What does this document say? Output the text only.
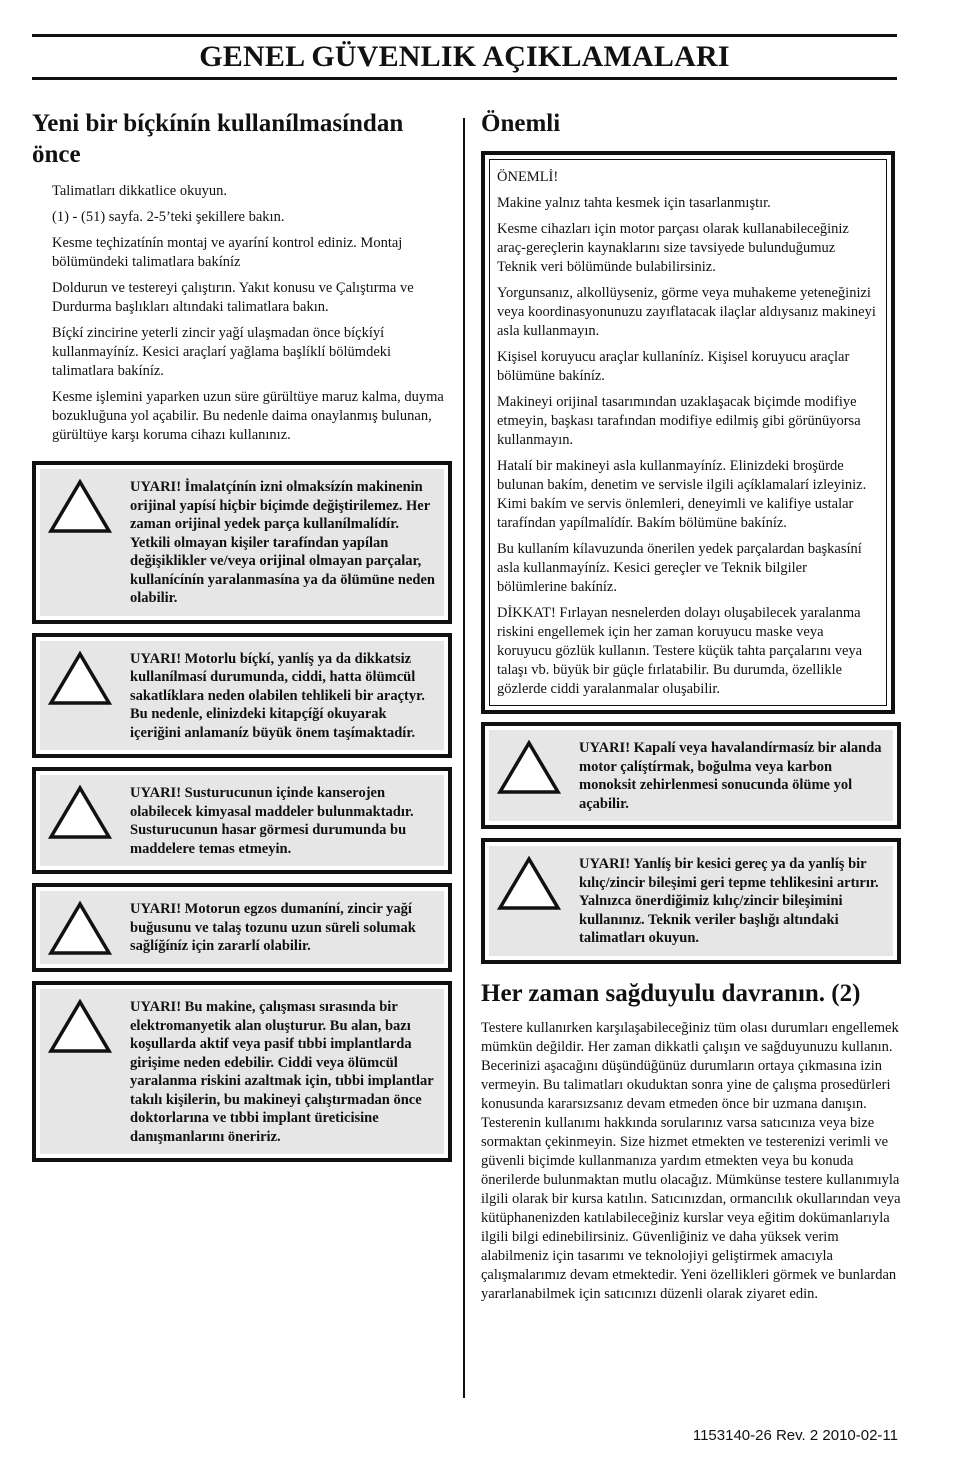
GENEL GÜVENLIK AÇIKLAMALARI
Yeni bir bíçkínín kullanílmasíndan önce

Talimatları dikkatlice okuyun.

(1) - (51) sayfa. 2-5’teki şekillere bakın.

Kesme teçhizatínín montaj ve ayaríní kontrol ediniz. Montaj bölümündeki talimatlara bakíníz

Doldurun ve testereyi çalıştırın. Yakıt konusu ve Çalıştırma ve Durdurma başlıkları altındaki talimatlara bakın.

Bíçkí zincirine yeterli zincir yağí ulaşmadan önce bíçkíyí kullanmayíníz. Kesici araçlarí yağlama başlíklí bölümdeki talimatlara bakíníz.

Kesme işlemini yaparken uzun süre gürültüye maruz kalma, duyma bozukluğuna yol açabilir. Bu nedenle daima onaylanmış bulunan, gürültüye karşı koruma cihazı kullanınız.

UYARI! İmalatçínín izni olmaksízín makinenin orijinal yapísí hiçbir biçimde değiştirilemez. Her zaman orijinal yedek parça kullanílmalídír. Yetkili olmayan kişiler tarafíndan yapílan değişiklikler ve/veya orijinal olmayan parçalar, kullanícínín yaralanmasína ya da ölümüne neden olabilir.
UYARI! Motorlu bíçkí, yanlíş ya da dikkatsiz kullanílmasí durumunda, ciddi, hatta ölümcül sakatlíklara neden olabilen tehlikeli bir araçtyr. Bu nedenle, elinizdeki kitapçíğí okuyarak içeriğini anlamaníz büyük önem taşímaktadír.
UYARI! Susturucunun içinde kanserojen olabilecek kimyasal maddeler bulunmaktadır. Susturucunun hasar görmesi durumunda bu maddelere temas etmeyin.
UYARI! Motorun egzos dumaníní, zincir yağí buğusunu ve talaş tozunu uzun süreli solumak sağlíğíníz için zararlí olabilir.
UYARI! Bu makine, çalışması sırasında bir elektromanyetik alan oluşturur. Bu alan, bazı koşullarda aktif veya pasif tıbbi implantlarda girişime neden edebilir. Ciddi veya ölümcül yaralanma riskini azaltmak için, tıbbi implantlar takılı kişilerin, bu makineyi çalıştırmadan önce doktorlarına ve tıbbi implant üreticisine danışmanlarını öneririz.
Önemli

ÖNEMLİ!

Makine yalnız tahta kesmek için tasarlanmıştır.

Kesme cihazları için motor parçası olarak kullanabileceğiniz araç-gereçlerin kaynaklarını size tavsiyede bulunduğumuz Teknik veri bölümünde bulabilirsiniz.

Yorgunsanız, alkollüyseniz, görme veya muhakeme yeteneğinizi veya koordinasyonunuzu zayıflatacak ilaçlar aldıysanız makineyi asla kullanmayın.

Kişisel koruyucu araçlar kullaníníz. Kişisel koruyucu araçlar bölümüne bakíníz.

Makineyi orijinal tasarımından uzaklaşacak biçimde modifiye etmeyin, başkası tarafından modifiye edilmiş gibi görünüyorsa kullanmayın.

Hatalí bir makineyi asla kullanmayíníz. Elinizdeki broşürde bulunan bakím, denetim ve servisle ilgili açíklamalarí izleyiniz. Kimi bakím ve servis önlemleri, deneyimli ve kalifiye ustalar tarafíndan yapílmalídír. Bakím bölümüne bakíníz.

Bu kullaním kílavuzunda önerilen yedek parçalardan başkasíní asla kullanmayíníz. Kesici gereçler ve Teknik bilgiler bölümlerine bakíníz.

DİKKAT! Fırlayan nesnelerden dolayı oluşabilecek yaralanma riskini engellemek için her zaman koruyucu maske veya koruyucu gözlük kullanın. Testere küçük tahta parçalarını veya talaşı vb. büyük bir güçle fırlatabilir. Bu durumda, özellikle gözlerde ciddi yaralanmalar oluşabilir.

UYARI! Kapalí veya havalandírmasíz bir alanda motor çalíştírmak, boğulma veya karbon monoksit zehirlenmesi sonucunda ölüme yol açabilir.
UYARI! Yanlíş bir kesici gereç ya da yanlíş bir kılıç/zincir bileşimi geri tepme tehlikesini artırır. Yalnızca önerdiğimiz kılıç/zincir bileşimini kullanınız. Teknik veriler başlığı altındaki talimatları okuyun.
Her zaman sağduyulu davranın. (2)

Testere kullanırken karşılaşabileceğiniz tüm olası durumları engellemek mümkün değildir. Her zaman dikkatli çalışın ve sağduyunuzu kullanın. Becerinizi aşacağını düşündüğünüz durumların ortaya çıkmasına izin vermeyin. Bu talimatları okuduktan sonra yine de çalışma prosedürleri konusunda kararsızsanız devam etmeden önce bir uzmana danışın. Testerenin kullanımı hakkında sorularınız varsa satıcınıza veya bize sormaktan çekinmeyin. Size hizmet etmekten ve testerenizi verimli ve güvenli biçimde kullanmanıza yardım etmekten veya bu konuda önerilerde bulunmaktan mutlu olacağız. Mümkünse testere kullanımıyla ilgili olarak bir kursa katılın. Satıcınızdan, ormancılık okullarından veya kütüphanenizden katılabileceğiniz kurslar veya eğitim dokümanlarıyla ilgili bilgi edinebilirsiniz. Güvenliğiniz ve daha yüksek verim alabilmeniz için tasarımı ve teknolojiyi geliştirmek amacıyla çalışmalarımız devam etmektedir. Yeni özellikleri görmek ve bunlardan yararlanabilmek için satıcınızı düzenli olarak ziyaret edin.

1153140-26 Rev. 2 2010-02-11
